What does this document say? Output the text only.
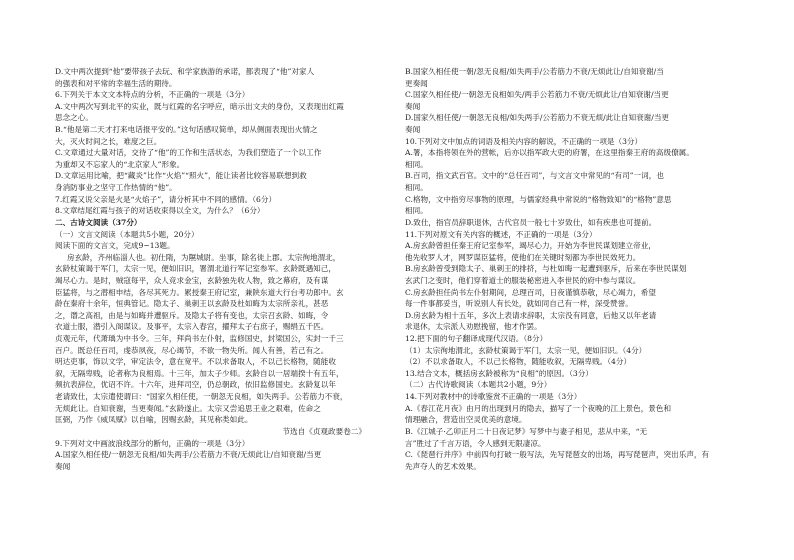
D.文中两次提到“他”要带孩子去玩、和学家族游的承诺，都表现了“他”对家人
的强表和对平常的幸福生活的期待。
6.下列关于本文文本特点的分析，不正确的一项是（3分）
A.文中两次写到北平的实业，既与红霞的名字呼应，暗示出文夫的身份，又表现出红霞
思念之心。
B.“他是第二天才打来电话报平安的。”这句话感叹简单，却从侧面表现出火情之
大，灭火时间之长，难度之巨。
C.文章通过大量对话，交待了“他”的工作和生活状态，为我们塑造了一个以工作
为重却又不忘家人的“北京家人”形象。
D.文章运用比喻，把“藏炎”比作“火焰”“照火”，能让读者比较容易联想到救
身消防事业之坚守工作热情的“他”。
7.红霞又说父亲是火是“火焰子”，请分析其中不同的感情。（6分）
8.文章结尾红霞与孩子的对话收束得以全文，为什么？（6分）
二、古诗文阅读（37分）
（一）文言文阅读（本题共5小题，20分）
阅读下面的文言文，完成9~13题。
房玄龄，齐州临淄人也。初仕隋，为隰城尉。坐事，除名徙上郡。太宗徇地渭北，
玄龄杖策谒于军门，太宗一见，便如旧识，署渭北道行军记室参军。玄龄既遇知己，
竭尽心力。是时，贼寇每平，众人竞求金宝，玄龄独先收人物，致之幕府，及有谋
臣猛将，与之潜相申结，各尽其死力。累授秦王府记室，兼陕东道大行台考功郎中。玄
龄在秦府十余年，恒典管记。隐太子、巢刺王以玄龄及杜如晦为太宗所亲礼，甚恶
之，谮之高祖，由是与如晦并遭驱斥。及隐太子将有变也，太宗召玄龄、如晦，令
衣道士服，潜引入阁谋议。及事平，太宗入春宫，擢拜太子右庶子，赐绢五千匹。
贞观元年，代萧瑀为中书令。三年，拜尚书左仆射，监修国史，封梁国公，实封一千三
百户。既总任百司，虔恭夙夜，尽心竭节，不欲一物失所。闻人有善，若己有之。
明达吏事，饰以文学，审定法令，意在宽平。不以求备取人，不以己长格物，随能收
叙，无隔卑贱，论者称为良相焉。十三年，加太子少师。玄龄自以一居端揆十有五年，
频抗表辞位，优诏不许。十六年，进拜司空，仍总朝政，依旧监修国史。玄龄复以年
老请致仕，太宗遣使谓曰：“国家久相任使，一朝忽无良相，如失两手。公若筋力不衰，
无烦此让。自知衰谢，当更奏闻。”玄龄遂止。太宗又尝追思王业之艰难，佐命之
匡弼，乃作《威凤赋》以自喻，因赐玄龄，其见称类如此。
节选自《贞观政要卷二》
9.下列对文中画波浪线部分的断句，正确的一项是（3分）
A.国家久相任使/一朝忽无良相/如失两手/公若筋力不衰/无烦此让/自知衰谢/当更
奏闻
B.国家久相任使一朝/忽无良相/如失两手/公若筋力不衰/无烦此让/自知衰谢/当
更奏闻
C.国家久相任使/一朝忽无良相如失/两手公若筋力不衰/无烦此让/自知衰谢/当更
奏闻
D.国家久相任使/一朝忽无良相/如失两手/公若筋力不衰无烦/此让自知衰谢/当更
奏闻
10.下列对文中加点的词语及相关内容的解说，不正确的一项是（3分）
A.署，本指将领在外的营帐，后亦以指军政大吏的府署，在这里指秦王府的高级僚属。
相同。
B.百司，指文武百官。文中的“总任百司”，与文言文中常见的“有司”一词，也
相同。
C.格物，文中指穷尽事物的原理，与儒家经典中常说的“格物致知”的“格物”意思
相同。
D.致仕，指官员辞职退休，古代官员一般七十岁致仕，如有疾患也可提前。
11.下列对原文有关内容的概述，不正确的一项是（3分）
A.房玄龄曾担任秦王府记室参军，竭尽心力，开始为李世民谋划建立帝业，
他先收罗人才，网罗谋臣猛将，使他们在关键时刻都为李世民效死力。
B.房玄龄曾受到隐太子、巢刺王的排挤，与杜如晦一起遭到驱斥，后来在李世民谋划
玄武门之变时，他们穿着道士的服装秘密进入李世民的府中参与谋议。
C.房玄龄担任尚书左仆射期间，总理百司，日夜谨慎恭敬，尽心竭力，希望
每一件事都妥当，听说别人有长处，就如同自己有一样，深受赞誉。
D.房玄龄为相十五年，多次上表请求辞职，太宗没有同意，后他又以年老请
求退休，太宗派人劝慰挽留，他才作罢。
12.把下面的句子翻译成现代汉语。（8分）
（1）太宗徇地渭北，玄龄杖策谒于军门，太宗一见，便如旧识。（4分）
（2）不以求备取人，不以己长格物，随能收叙，无隔卑贱。（4分）
13.结合文本，概括房玄龄被称为“良相”的原因。（3分）
（二）古代诗歌阅读（本题共2小题，9分）
14.下列对教材中的诗歌鉴赏不正确的一项是（3分）
A.《春江花月夜》由月的出现到月的隐去，描写了一个夜晚的江上景色，景色和
情理融合，营造出空灵优美的意境。
B.《江城子·乙卯正月二十日夜记梦》写梦中与妻子相见，悲从中来，“无
言”胜过了千言万语，令人感到无限凄凉。
C.《琵琶行并序》中前四句打破一般写法，先写琵琶女的出场，再写琵琶声，突出乐声，有
先声夺人的艺术效果。
